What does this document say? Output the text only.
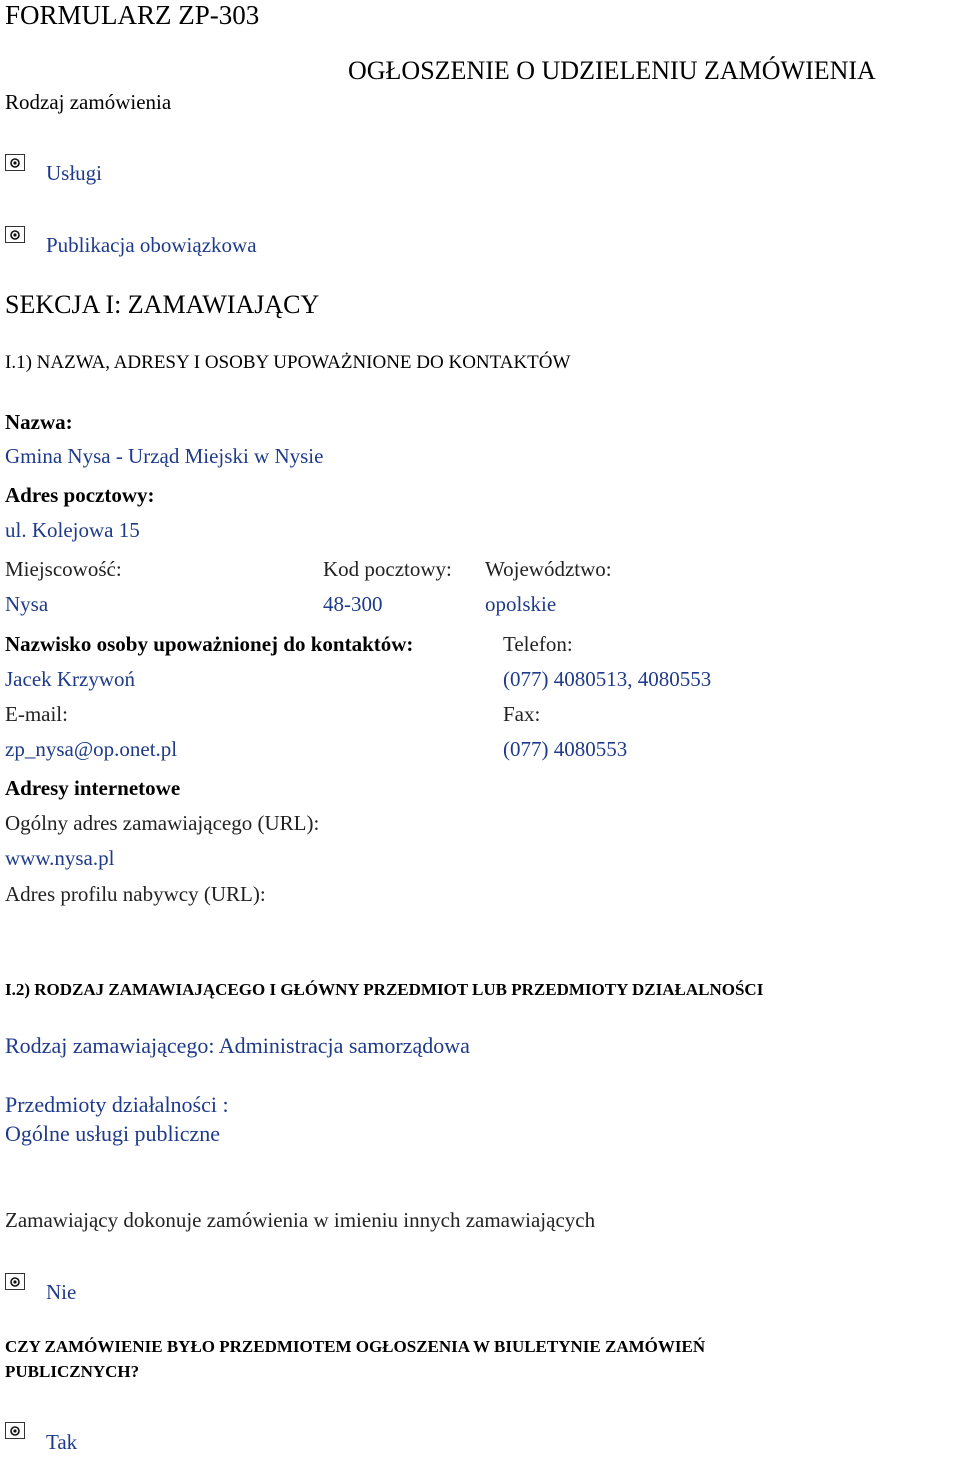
FORMULARZ ZP-303
OGŁOSZENIE O UDZIELENIU ZAMÓWIENIA
Rodzaj zamówienia
Usługi
Publikacja obowiązkowa
SEKCJA I: ZAMAWIAJĄCY
I.1) NAZWA, ADRESY I OSOBY UPOWAŻNIONE DO KONTAKTÓW
Nazwa:
Gmina Nysa - Urząd Miejski w Nysie
Adres pocztowy:
ul. Kolejowa 15
Miejscowość:	Kod pocztowy: Województwo:
Nysa	48-300	opolskie
Nazwisko osoby upoważnionej do kontaktów:	Telefon:
Jacek Krzywoń	(077) 4080513, 4080553
E-mail:	Fax:
zp_nysa@op.onet.pl	(077) 4080553
Adresy internetowe
Ogólny adres zamawiającego (URL):
www.nysa.pl
Adres profilu nabywcy (URL):
I.2) RODZAJ ZAMAWIAJĄCEGO I GŁÓWNY PRZEDMIOT LUB PRZEDMIOTY DZIAŁALNOŚCI
Rodzaj zamawiającego: Administracja samorządowa
Przedmioty działalności :
Ogólne usługi publiczne
Zamawiający dokonuje zamówienia w imieniu innych zamawiających
Nie
CZY ZAMÓWIENIE BYŁO PRZEDMIOTEM OGŁOSZENIA W BIULETYNIE ZAMÓWIEŃ
PUBLICZNYCH?
Tak
